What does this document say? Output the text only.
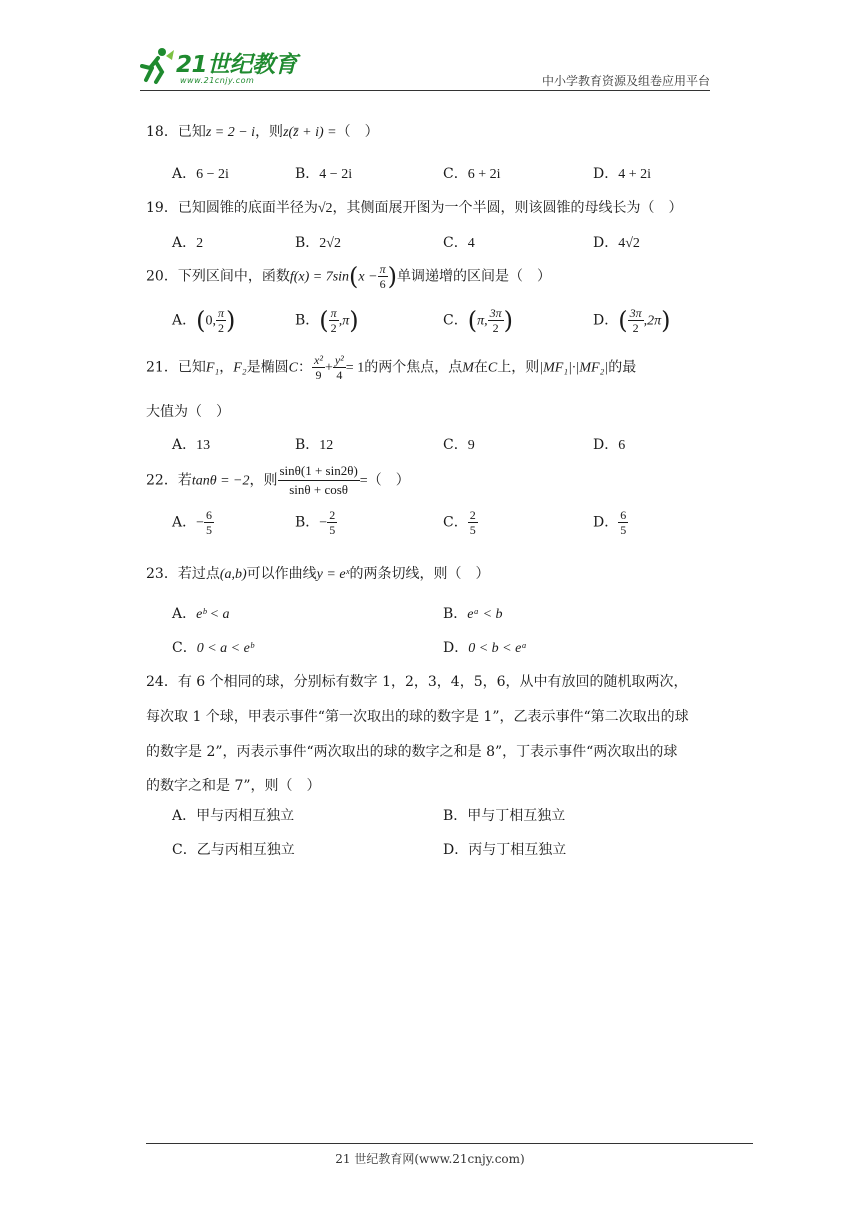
21世纪教育
www.21cnjy.com	中小学教育资源及组卷应用平台
18．已知z = 2 − i，则z(z̄ + i) =（　）
A．6 − 2i	B．4 − 2i	C．6 + 2i	D．4 + 2i
19．已知圆锥的底面半径为√2，其侧面展开图为一个半圆，则该圆锥的母线长为（　）
A．2	B．2√2	C．4	D．4√2
20．下列区间中，函数$f(x) = 7\sin(x - \frac{\pi}{6}$ )单调递增的区间是（　）
A．(0, $\frac{\pi}{2}$ )	B．( $\frac{\pi}{2} ,\pi$)	C．(π, $\frac{3\pi}{2}$ )	D．( $\frac{3\pi}{2} ,2\pi$)
21．已知F₁，F₂是椭圆C： $\frac{\text{x²}}{9} + \frac{\text{y²}}{4} = 1$的两个焦点，点M在C上，则|MF₁|·|MF₂|的最
大值为（　）
A．13	B．12	C．9	D．6
22．若tanθ = −2，则 $\frac{\sin\theta(1 + \sin 2\theta)}{\sin\theta + \cos\theta}$ =（　）
A．− $\frac{6}{5}$	B．− $\frac{2}{5}$	C． $\frac{2}{5}$	D． $\frac{6}{5}$
23．若过点(a,b)可以作曲线y = eˣ的两条切线，则（　）
A．eᵇ < a	B．eᵃ < b
C．0 < a < eᵇ	D．0 < b < eᵃ
24．有 6 个相同的球，分别标有数字 1，2，3，4，5，6，从中有放回的随机取两次，
每次取 1 个球，甲表示事件“第一次取出的球的数字是 1”，乙表示事件“第二次取出的球
的数字是 2”，丙表示事件“两次取出的球的数字之和是 8”，丁表示事件“两次取出的球
的数字之和是 7”，则（　）
A．甲与丙相互独立	B．甲与丁相互独立
C．乙与丙相互独立	D．丙与丁相互独立
21 世纪教育网(www.21cnjy.com)
